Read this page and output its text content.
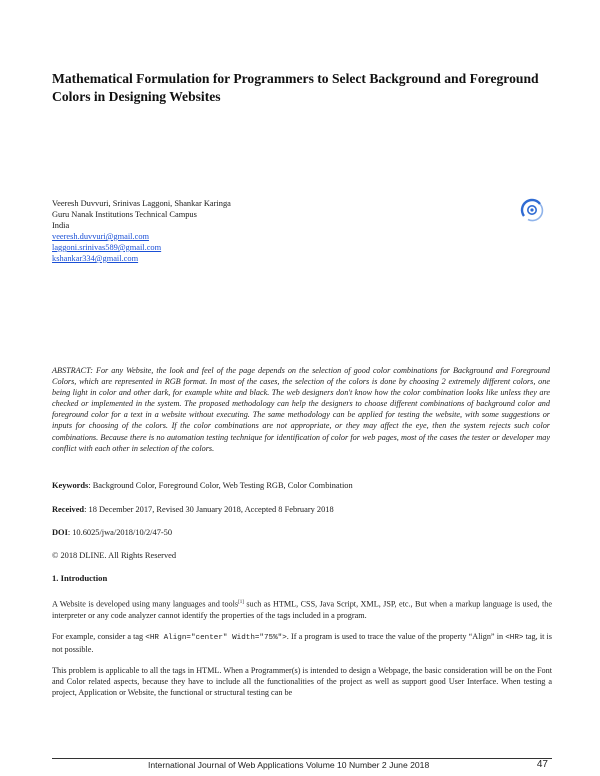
Mathematical Formulation for Programmers to Select Background and Foreground Colors in Designing Websites
Veeresh Duvvuri, Srinivas Laggoni, Shankar Karinga
Guru Nanak Institutions Technical Campus
India
veeresh.duvvuri@gmail.com
laggoni.srinivas589@gmail.com
kshankar334@gmail.com
ABSTRACT: For any Website, the look and feel of the page depends on the selection of good color combinations for Background and Foreground Colors, which are represented in RGB format. In most of the cases, the selection of the colors is done by choosing 2 extremely different colors, one being light in color and other dark, for example white and black. The web designers don't know how the color combination looks like unless they are checked or implemented in the system. The proposed methodology can help the designers to choose different combinations of background color and foreground color for a text in a website without executing. The same methodology can be applied for testing the website, with some suggestions or inputs for choosing of the colors. If the color combinations are not appropriate, or they may affect the eye, then the system rejects such color combinations. Because there is no automation testing technique for identification of color for web pages, most of the cases the tester or developer may conflict with each other in selection of the colors.
Keywords: Background Color, Foreground Color, Web Testing RGB, Color Combination
Received: 18 December 2017, Revised 30 January 2018, Accepted 8 February 2018
DOI: 10.6025/jwa/2018/10/2/47-50
© 2018 DLINE. All Rights Reserved
1. Introduction
A Website is developed using many languages and tools[1] such as HTML, CSS, Java Script, XML, JSP, etc., But when a markup language is used, the interpreter or any code analyzer cannot identify the properties of the tags included in a program.
For example, consider a tag <HR Align="center" Width="75%">. If a program is used to trace the value of the property “Align” in <HR> tag, it is not possible.
This problem is applicable to all the tags in HTML. When a Programmer(s) is intended to design a Webpage, the basic consideration will be on the Font and Color related aspects, because they have to include all the functionalities of the project as well as support good User Interface. When testing a project, Application or Website, the functional or structural testing can be
International Journal of Web Applications Volume 10 Number 2 June 2018	47
